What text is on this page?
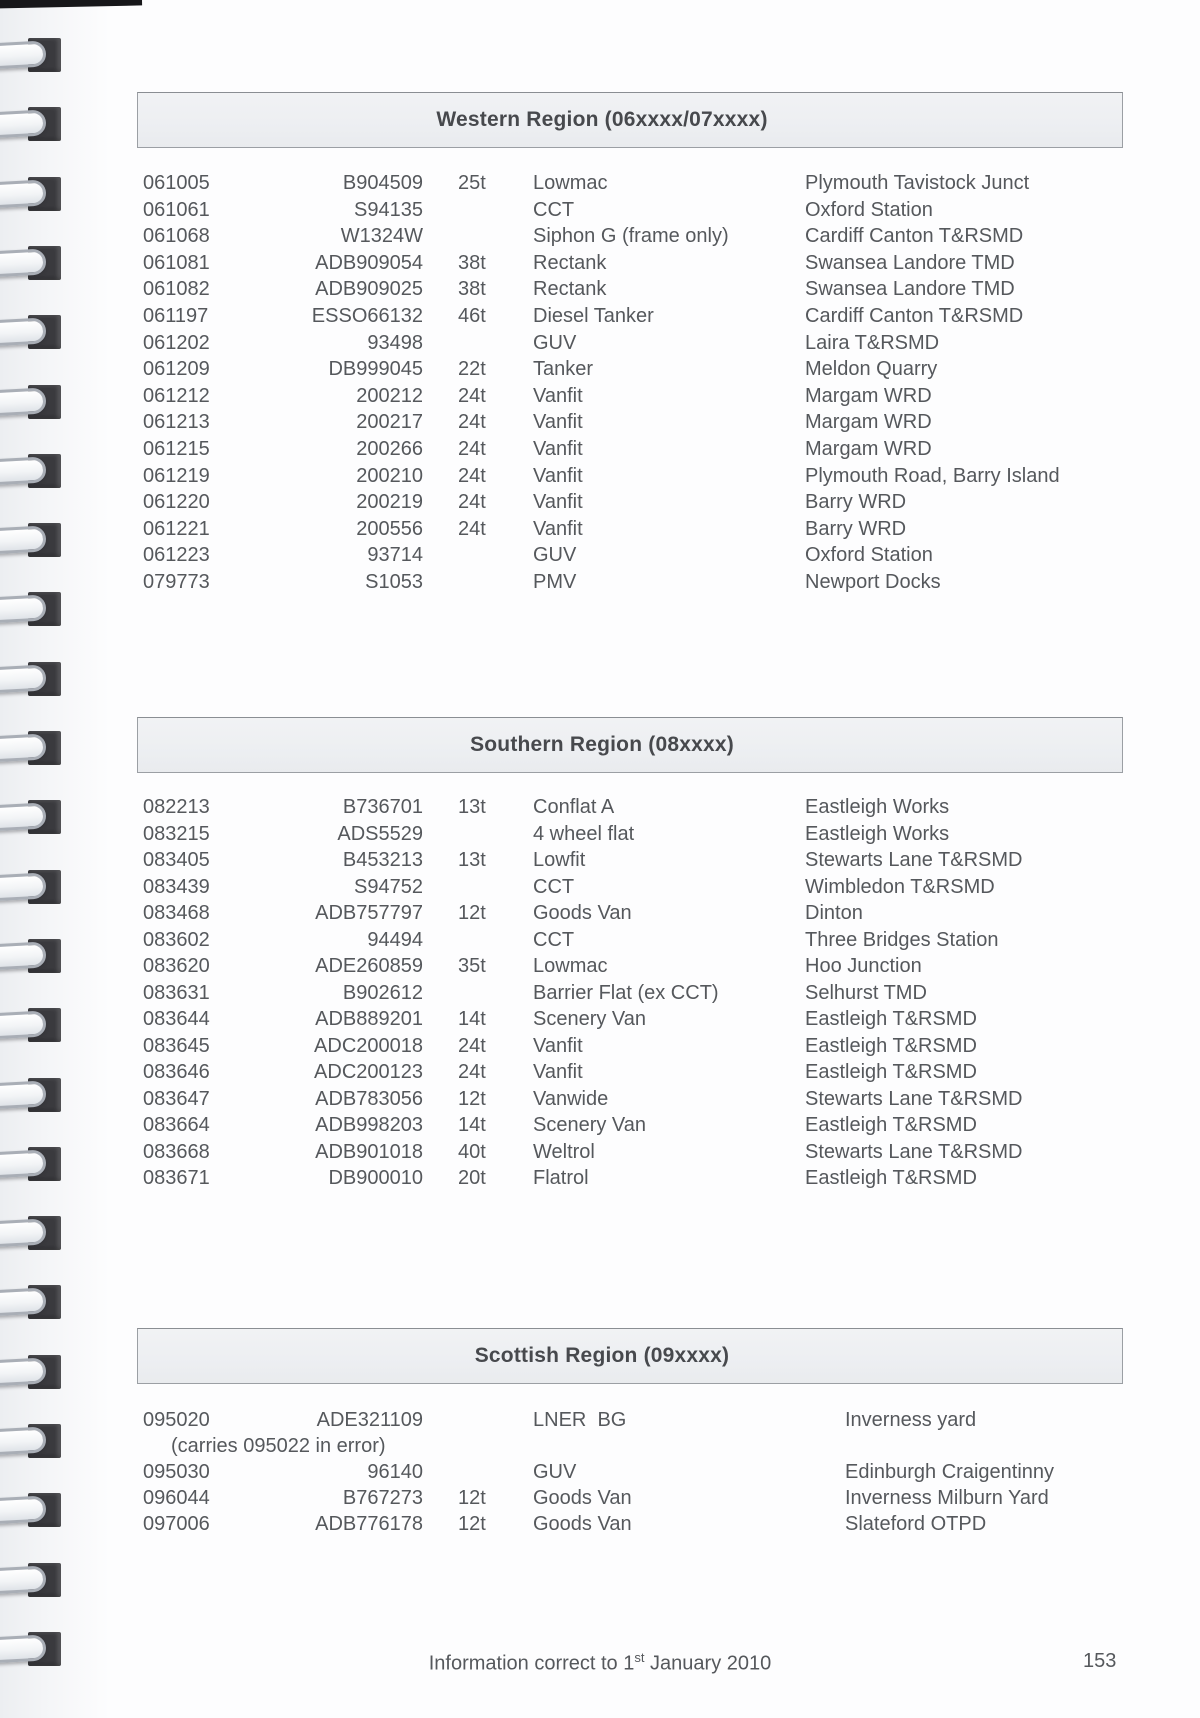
Western Region (06xxxx/07xxxx)
061005	B904509 25t	Lowmac	Plymouth Tavistock Junct
061061	S94135	CCT	Oxford Station
061068	W1324W	Siphon G (frame only)	Cardiff Canton T&RSMD
061081	ADB909054 38t	Rectank	Swansea Landore TMD
061082	ADB909025 38t	Rectank	Swansea Landore TMD
061197	ESSO66132 46t	Diesel Tanker	Cardiff Canton T&RSMD
061202	93498	GUV	Laira T&RSMD
061209	DB999045 22t	Tanker	Meldon Quarry
061212	200212 24t	Vanfit	Margam WRD
061213	200217 24t	Vanfit	Margam WRD
061215	200266 24t	Vanfit	Margam WRD
061219	200210 24t	Vanfit	Plymouth Road, Barry Island
061220	200219 24t	Vanfit	Barry WRD
061221	200556 24t	Vanfit	Barry WRD
061223	93714	GUV	Oxford Station
079773	S1053	PMV	Newport Docks
Southern Region (08xxxx)
082213	B736701 13t	Conflat A	Eastleigh Works
083215	ADS5529	4 wheel flat	Eastleigh Works
083405	B453213 13t	Lowfit	Stewarts Lane T&RSMD
083439	S94752	CCT	Wimbledon T&RSMD
083468	ADB757797 12t	Goods Van	Dinton
083602	94494	CCT	Three Bridges Station
083620	ADE260859 35t	Lowmac	Hoo Junction
083631	B902612	Barrier Flat (ex CCT)	Selhurst TMD
083644	ADB889201 14t	Scenery Van	Eastleigh T&RSMD
083645	ADC200018 24t	Vanfit	Eastleigh T&RSMD
083646	ADC200123 24t	Vanfit	Eastleigh T&RSMD
083647	ADB783056 12t	Vanwide	Stewarts Lane T&RSMD
083664	ADB998203 14t	Scenery Van	Eastleigh T&RSMD
083668	ADB901018 40t	Weltrol	Stewarts Lane T&RSMD
083671	DB900010 20t	Flatrol	Eastleigh T&RSMD
Scottish Region (09xxxx)
095020	ADE321109	LNER  BG	Inverness yard
(carries 095022 in error)
095030	96140	GUV	Edinburgh Craigentinny
096044	B767273 12t	Goods Van	Inverness Milburn Yard
097006	ADB776178 12t	Goods Van	Slateford OTPD
Information correct to 1st January 2010	153
